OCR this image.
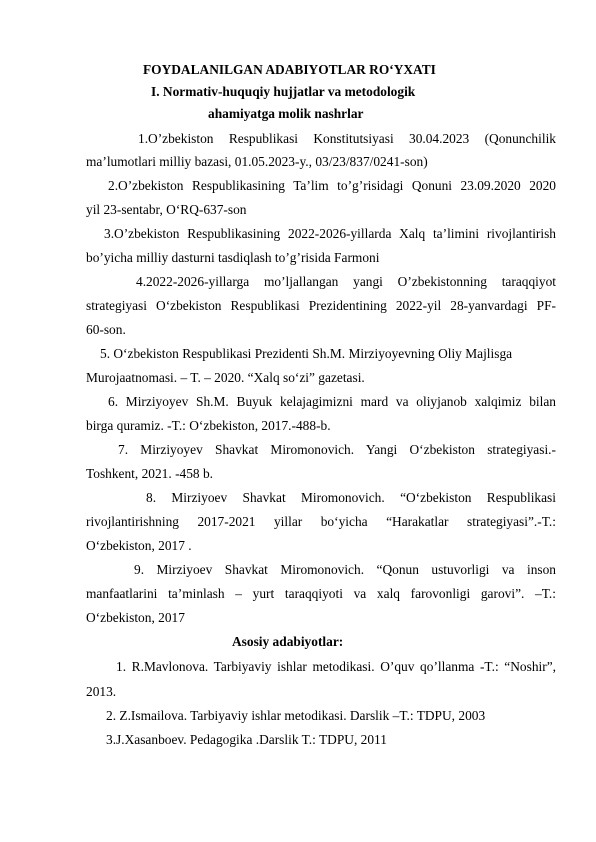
FOYDALANILGAN ADABIYOTLAR RO‘YXATI
I. Normativ-huquqiy hujjatlar va metodologik
ahamiyatga molik nashrlar
1.O’zbekiston Respublikasi Konstitutsiyasi 30.04.2023 (Qonunchilik
ma’lumotlari milliy bazasi, 01.05.2023-y., 03/23/837/0241-son)
2.O’zbekiston Respublikasining Ta’lim to’g’risidagi Qonuni 23.09.2020 2020
yil 23-sentabr, O‘RQ-637-son
3.O’zbekiston Respublikasining 2022-2026-yillarda Xalq ta’limini rivojlantirish
bo’yicha milliy dasturni tasdiqlash to’g’risida Farmoni
4.2022-2026-yillarga mo’ljallangan yangi O’zbekistonning taraqqiyot
strategiyasi O‘zbekiston Respublikasi Prezidentining 2022-yil 28-yanvardagi PF-
60-son.
5. O‘zbekiston Respublikasi Prezidenti Sh.M. Mirziyoyevning Oliy Majlisga
Murojaatnomasi. – T. – 2020. “Xalq so‘zi” gazetasi.
6. Mirziyoyev Sh.M. Buyuk kelajagimizni mard va oliyjanob xalqimiz bilan
birga quramiz. -T.: O‘zbekiston, 2017.-488-b.
7. Mirziyoyev Shavkat Miromonovich. Yangi O‘zbekiston strategiyasi.-
Toshkent, 2021. -458 b.
8. Mirziyoev Shavkat Miromonovich. “O‘zbekiston Respublikasi
rivojlantirishning 2017-2021 yillar bo‘yicha “Harakatlar strategiyasi”.-T.:
O‘zbekiston, 2017 .
9. Mirziyoev Shavkat Miromonovich. “Qonun ustuvorligi va inson
manfaatlarini ta’minlash – yurt taraqqiyoti va xalq farovonligi garovi”. –T.:
O‘zbekiston, 2017
Asosiy adabiyotlar:
1. R.Mavlonova. Tarbiyaviy ishlar metodikasi. O’quv qo’llanma -T.: “Noshir”,
2013.
2. Z.Ismailova. Tarbiyaviy ishlar metodikasi. Darslik –T.: TDPU, 2003
3.J.Xasanboev. Pedagogika .Darslik T.: TDPU, 2011
